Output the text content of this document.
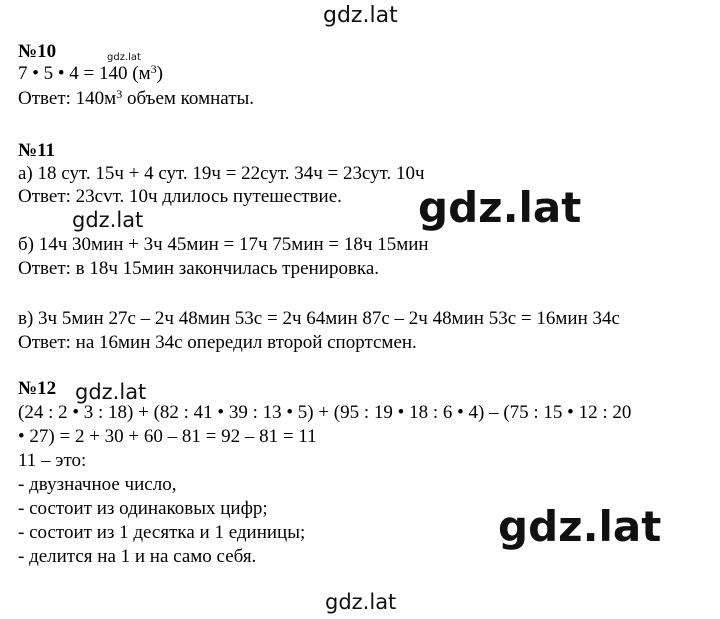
№10
7 • 5 • 4 = 140 $(м^3)$
Ответ: $140м^3$ объем комнаты.
№11
а) 18 сут. 15ч + 4 сут. 19ч = 22сут. 34ч = 23сут. 10ч
Ответ: 23сvт. 10ч длилось путешествие.
б) 14ч 30мин + 3ч 45мин = 17ч 75мин = 18ч 15мин
Ответ: в 18ч 15мин закончилась тренировка.
в) 3ч 5мин 27с – 2ч 48мин 53с = 2ч 64мин 87с – 2ч 48мин 53с = 16мин 34с
Ответ: на 16мин 34с опередил второй спортсмен.
№12
(24 : 2 • 3 : 18) + (82 : 41 • 39 : 13 • 5) + (95 : 19 • 18 : 6 • 4) – (75 : 15 • 12 : 20
• 27) = 2 + 30 + 60 – 81 = 92 – 81 = 11
11 – это:
- двузначное число,
- состоит из одинаковых цифр;
- состоит из 1 десятка и 1 единицы;
- делится на 1 и на само себя.
gdz.lat
gdz.lat
gdz.lat
gdz.lat
gdz.lat
gdz.lat
gdz.lat
